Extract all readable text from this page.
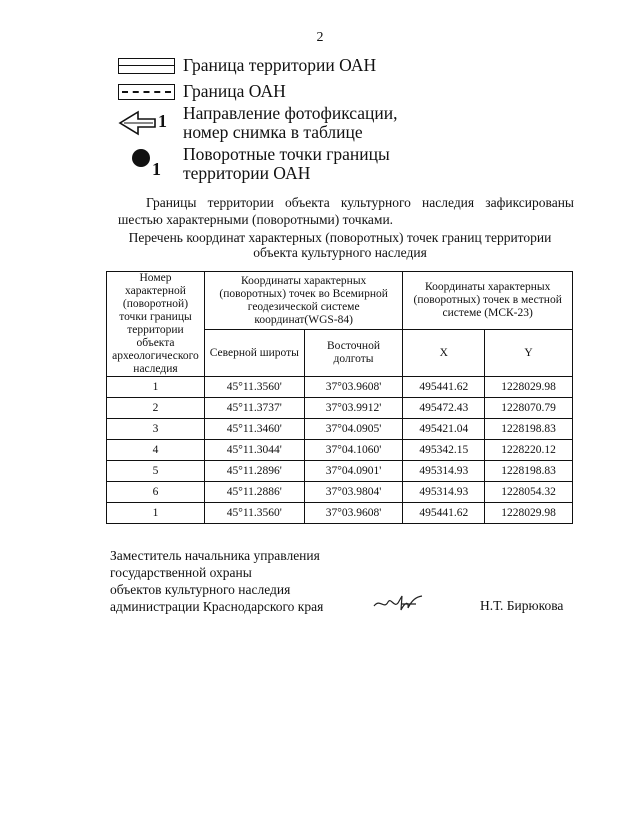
2
Граница территории ОАН
Граница ОАН
1 Направление фотофиксации,
номер снимка в таблице
1
Поворотные точки границы
территории ОАН
Границы территории объекта культурного наследия зафиксированы шестью характерными (поворотными) точками.
Перечень координат характерных (поворотных) точек границ территории
объекта культурного наследия
Номер характерной (поворотной) точки границы территории объекта археологического наследия	Координаты характерных (поворотных) точек во Всемирной геодезической системе координат(WGS-84)		Координаты характерных (поворотных) точек в местной системе (МСК-23)	
	Северной широты	Восточной долготы	X	Y
1	45°11.3560'	37°03.9608'	495441.62	1228029.98
2	45°11.3737'	37°03.9912'	495472.43	1228070.79
3	45°11.3460'	37°04.0905'	495421.04	1228198.83
4	45°11.3044'	37°04.1060'	495342.15	1228220.12
5	45°11.2896'	37°04.0901'	495314.93	1228198.83
6	45°11.2886'	37°03.9804'	495314.93	1228054.32
1	45°11.3560'	37°03.9608'	495441.62	1228029.98
Заместитель начальника управления
государственной охраны
объектов культурного наследия
администрации Краснодарского края	Н.Т. Бирюкова
